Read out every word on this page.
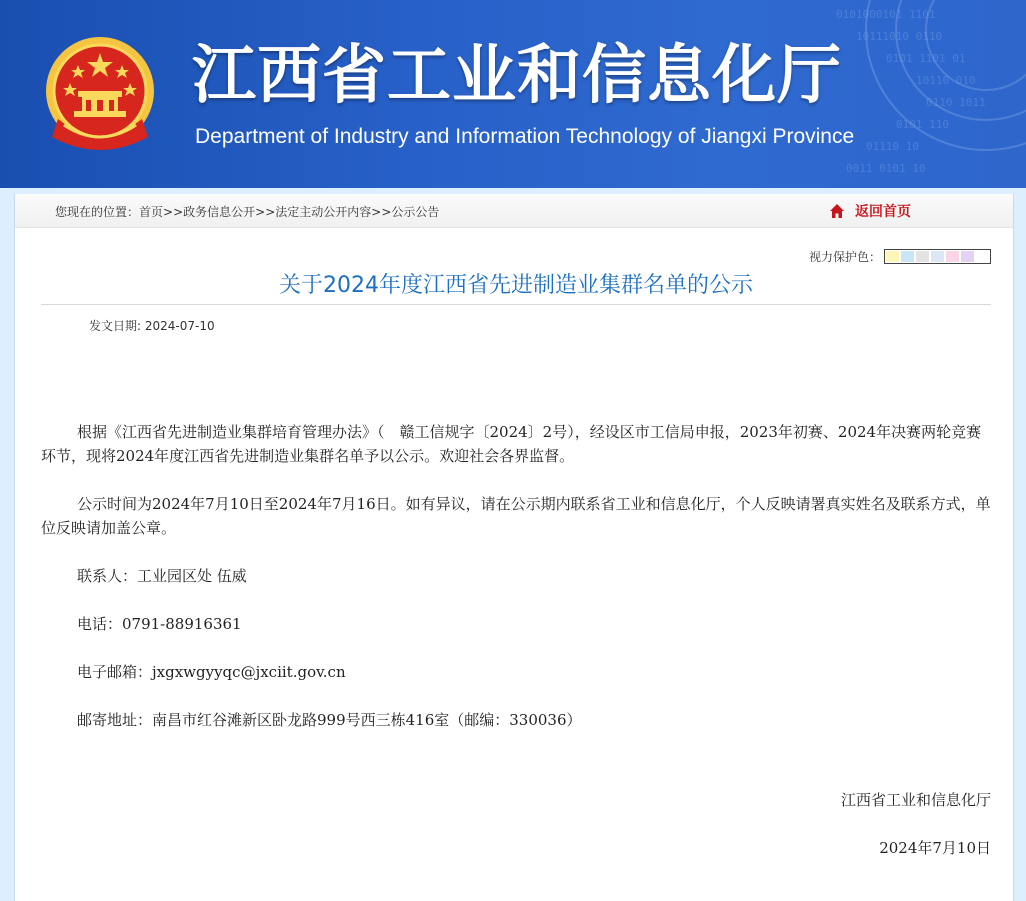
0101000101 1101
10111010 0110
0101 1101 01
10110 010
0110 1011
0101 110
01110 10
0011 0101 10
江西省工业和信息化厅

Department of Industry and Information Technology of Jiangxi Province

您现在的位置：首页>>政务信息公开>>法定主动公开内容>>公示公告	返回首页
视力保护色：
关于2024年度江西省先进制造业集群名单的公示
发文日期: 2024-07-10

根据《江西省先进制造业集群培育管理办法》（　赣工信规字〔2024〕2号），经设区市工信局申报，2023年初赛、2024年决赛两轮竞赛环节，现将2024年度江西省先进制造业集群名单予以公示。欢迎社会各界监督。

公示时间为2024年7月10日至2024年7月16日。如有异议，请在公示期内联系省工业和信息化厅，个人反映请署真实姓名及联系方式，单位反映请加盖公章。

联系人：工业园区处 伍威

电话：0791-88916361

电子邮箱：jxgxwgyyqc@jxciit.gov.cn

邮寄地址：南昌市红谷滩新区卧龙路999号西三栋416室（邮编：330036）

江西省工业和信息化厅

2024年7月10日
